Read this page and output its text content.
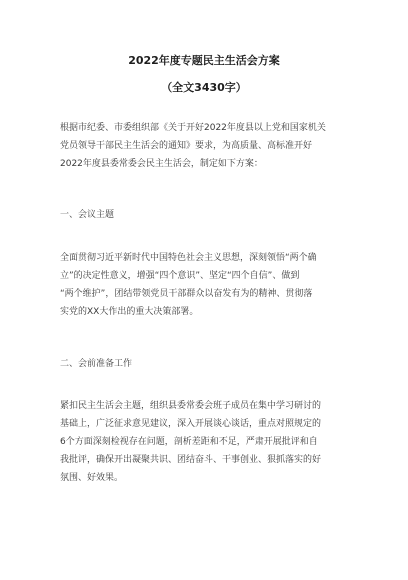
2022年度专题民主生活会方案
（全文3430字）
根据市纪委、市委组织部《关于开好2022年度县以上党和国家机关
党员领导干部民主生活会的通知》要求，为高质量、高标准开好
2022年度县委常委会民主生活会，制定如下方案：
一、会议主题
全面贯彻习近平新时代中国特色社会主义思想，深刻领悟“两个确
立”的决定性意义，增强“四个意识”、坚定“四个自信”、做到
“两个维护”，团结带领党员干部群众以奋发有为的精神、贯彻落
实党的XX大作出的重大决策部署。
二、会前准备工作
紧扣民主生活会主题，组织县委常委会班子成员在集中学习研讨的
基础上，广泛征求意见建议，深入开展谈心谈话，重点对照规定的
6个方面深刻检视存在问题，剖析差距和不足，严肃开展批评和自
我批评，确保开出凝聚共识、团结奋斗、干事创业、狠抓落实的好
氛围、好效果。
